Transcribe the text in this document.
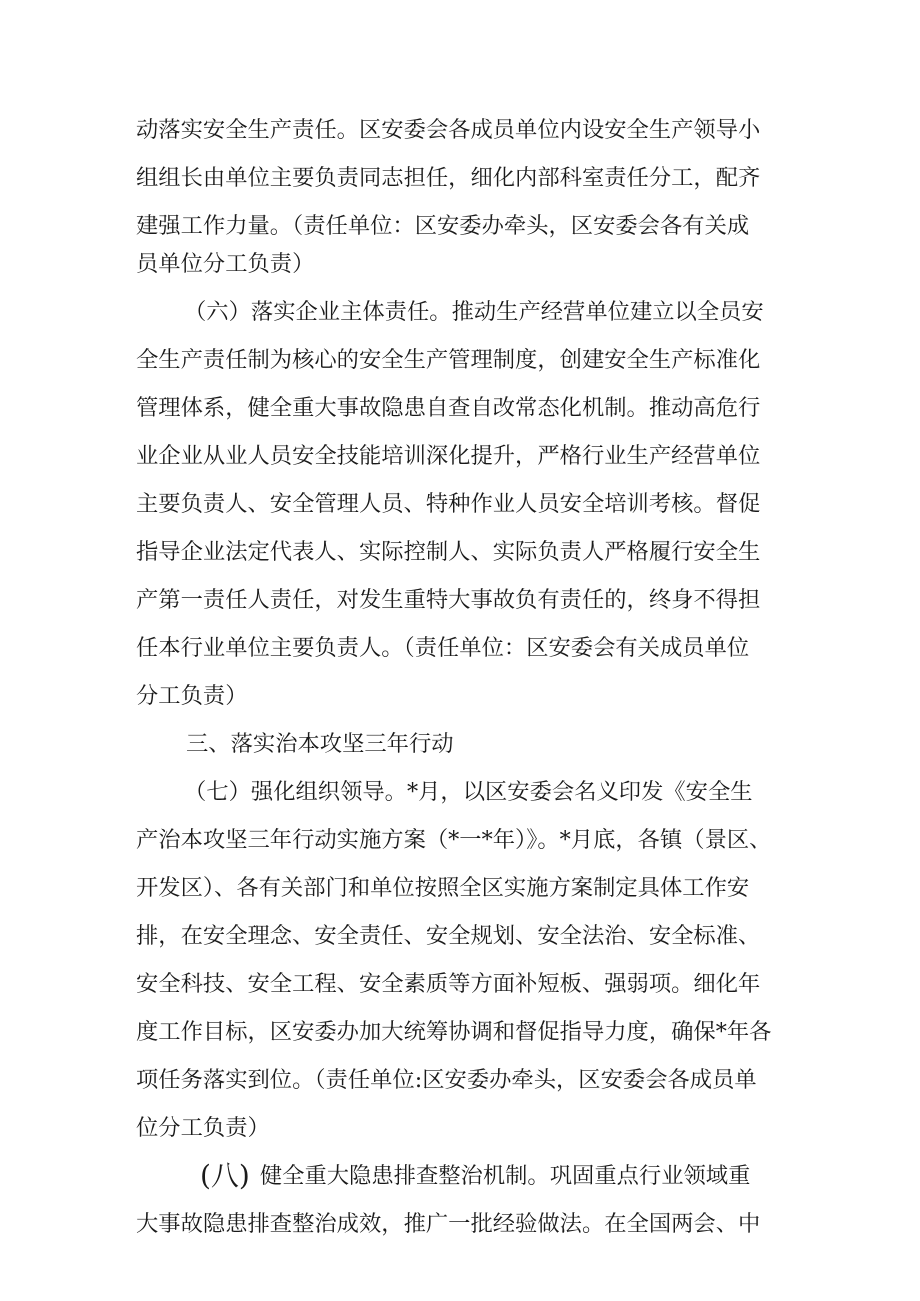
动落实安全生产责任。区安委会各成员单位内设安全生产领导小
组组长由单位主要负责同志担任，细化内部科室责任分工，配齐
建强工作力量。（责任单位：区安委办牵头，区安委会各有关成
员单位分工负责）
（六）落实企业主体责任。推动生产经营单位建立以全员安
全生产责任制为核心的安全生产管理制度，创建安全生产标准化
管理体系，健全重大事故隐患自查自改常态化机制。推动高危行
业企业从业人员安全技能培训深化提升，严格行业生产经营单位
主要负责人、安全管理人员、特种作业人员安全培训考核。督促
指导企业法定代表人、实际控制人、实际负责人严格履行安全生
产第一责任人责任，对发生重特大事故负有责任的，终身不得担
任本行业单位主要负责人。（责任单位：区安委会有关成员单位
分工负责）
三、落实治本攻坚三年行动
（七）强化组织领导。*月，以区安委会名义印发《安全生
产治本攻坚三年行动实施方案（*一*年）》。*月底，各镇（景区、
开发区）、各有关部门和单位按照全区实施方案制定具体工作安
排，在安全理念、安全责任、安全规划、安全法治、安全标准、
安全科技、安全工程、安全素质等方面补短板、强弱项。细化年
度工作目标，区安委办加大统筹协调和督促指导力度，确保*年各
项任务落实到位。（责任单位:区安委办牵头，区安委会各成员单
位分工负责）
(八) 健全重大隐患排查整治机制。巩固重点行业领域重
大事故隐患排查整治成效，推广一批经验做法。在全国两会、中
